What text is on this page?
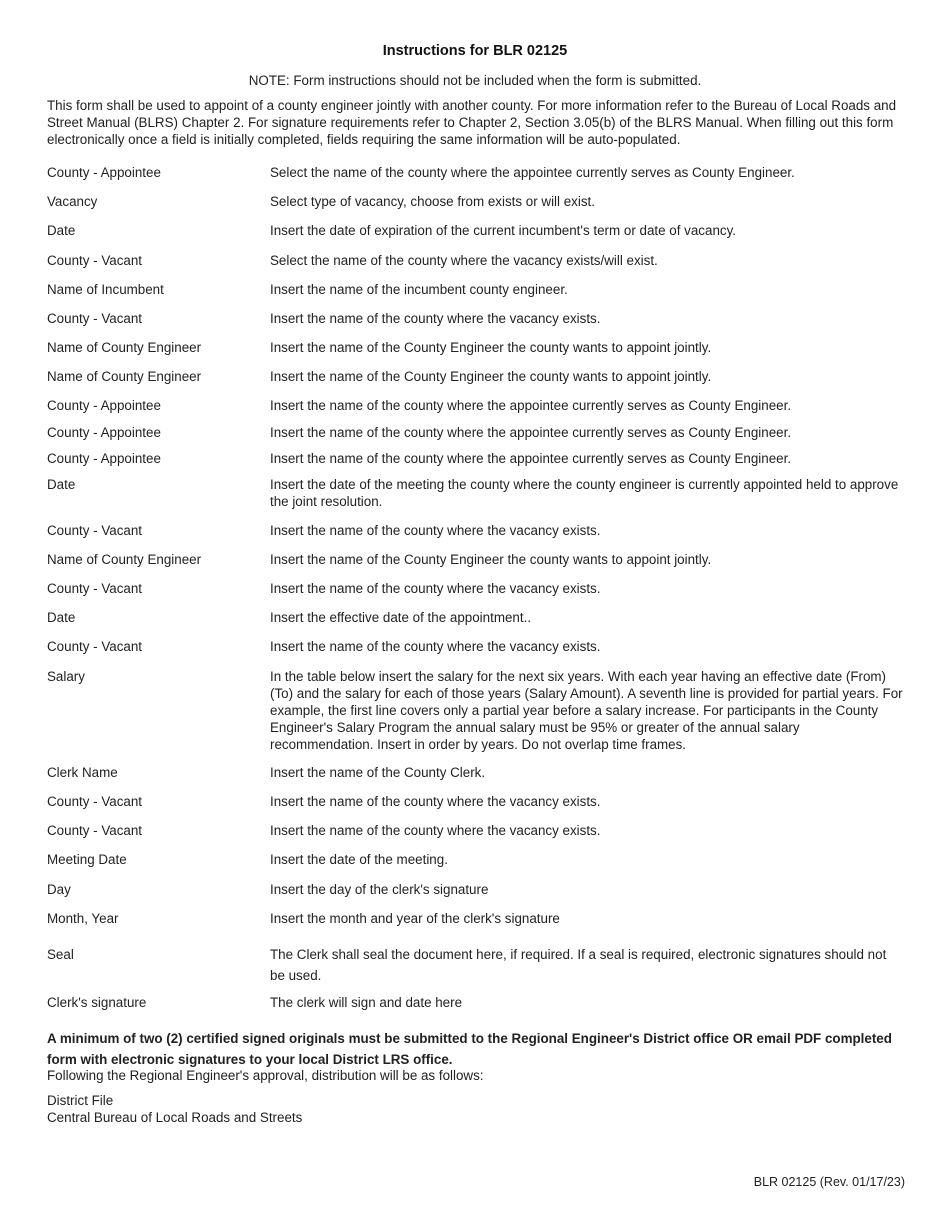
Instructions for BLR 02125
NOTE: Form instructions should not be included when the form is submitted.
This form shall be used to appoint of a county engineer jointly with another county. For more information refer to the Bureau of Local Roads and Street Manual (BLRS) Chapter 2. For signature requirements refer to Chapter 2, Section 3.05(b) of the BLRS Manual. When filling out this form electronically once a field is initially completed, fields requiring the same information will be auto-populated.
County - Appointee	Select the name of the county where the appointee currently serves as County Engineer.
Vacancy	Select type of vacancy, choose from exists or will exist.
Date	Insert the date of expiration of the current incumbent's term or date of vacancy.
County - Vacant	Select the name of the county where the vacancy exists/will exist.
Name of Incumbent	Insert the name of the incumbent county engineer.
County - Vacant	Insert the name of the county where the vacancy exists.
Name of County Engineer	Insert the name of the County Engineer the county wants to appoint jointly.
Name of County Engineer	Insert the name of the County Engineer the county wants to appoint jointly.
County - Appointee	Insert the name of the county where the appointee currently serves as County Engineer.
County - Appointee	Insert the name of the county where the appointee currently serves as County Engineer.
County - Appointee	Insert the name of the county where the appointee currently serves as County Engineer.
Date	Insert the date of the meeting the county where the county engineer is currently appointed held to approve the joint resolution.
County - Vacant	Insert the name of the county where the vacancy exists.
Name of County Engineer	Insert the name of the County Engineer the county wants to appoint jointly.
County - Vacant	Insert the name of the county where the vacancy exists.
Date	Insert the effective date of the appointment..
County - Vacant	Insert the name of the county where the vacancy exists.
Salary	In the table below insert the salary for the next six years. With each year having an effective date (From)(To) and the salary for each of those years (Salary Amount). A seventh line is provided for partial years. For example, the first line covers only a partial year before a salary increase. For participants in the County Engineer's Salary Program the annual salary must be 95% or greater of the annual salary recommendation. Insert in order by years. Do not overlap time frames.
Clerk Name	Insert the name of the County Clerk.
County - Vacant	Insert the name of the county where the vacancy exists.
County - Vacant	Insert the name of the county where the vacancy exists.
Meeting Date	Insert the date of the meeting.
Day	Insert the day of the clerk's signature
Month, Year	Insert the month and year of the clerk's signature
Seal	The Clerk shall seal the document here, if required. If a seal is required, electronic signatures should not be used.
Clerk's signature	The clerk will sign and date here
A minimum of two (2) certified signed originals must be submitted to the Regional Engineer's District office OR email PDF completed form with electronic signatures to your local District LRS office.
Following the Regional Engineer's approval, distribution will be as follows:
District File
Central Bureau of Local Roads and Streets
BLR 02125 (Rev. 01/17/23)
